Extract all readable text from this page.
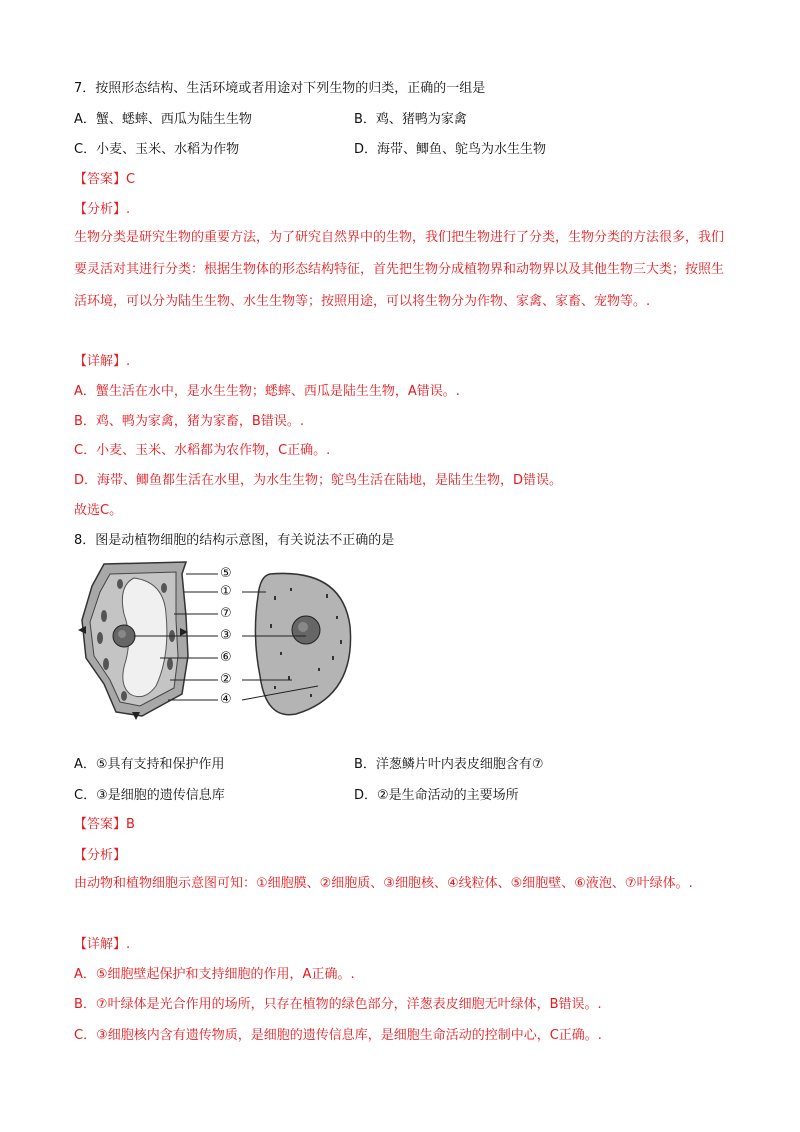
7．按照形态结构、生活环境或者用途对下列生物的归类，正确的一组是
A．蟹、蟋蟀、西瓜为陆生生物	B．鸡、猪鸭为家禽
C．小麦、玉米、水稻为作物	D．海带、鲫鱼、鸵鸟为水生生物
【答案】C
【分析】.
生物分类是研究生物的重要方法，为了研究自然界中的生物，我们把生物进行了分类，生物分类的方法很多，我们要灵活对其进行分类：根据生物体的形态结构特征，首先把生物分成植物界和动物界以及其他生物三大类；按照生活环境，可以分为陆生生物、水生生物等；按照用途，可以将生物分为作物、家禽、家畜、宠物等。.
【详解】.
A．蟹生活在水中，是水生生物；蟋蟀、西瓜是陆生生物，A错误。.
B．鸡、鸭为家禽，猪为家畜，B错误。.
C．小麦、玉米、水稻都为农作物，C正确。.
D．海带、鲫鱼都生活在水里，为水生生物；鸵鸟生活在陆地，是陆生生物，D错误。
故选C。
8．图是动植物细胞的结构示意图，有关说法不正确的是
⑤
①
⑦
③
⑥
②
④
A．⑤具有支持和保护作用	B．洋葱鳞片叶内表皮细胞含有⑦
C．③是细胞的遗传信息库	D．②是生命活动的主要场所
【答案】B
【分析】
由动物和植物细胞示意图可知：①细胞膜、②细胞质、③细胞核、④线粒体、⑤细胞壁、⑥液泡、⑦叶绿体。.
【详解】.
A．⑤细胞壁起保护和支持细胞的作用，A正确。.
B．⑦叶绿体是光合作用的场所，只存在植物的绿色部分，洋葱表皮细胞无叶绿体，B错误。.
C．③细胞核内含有遗传物质，是细胞的遗传信息库，是细胞生命活动的控制中心，C正确。.
